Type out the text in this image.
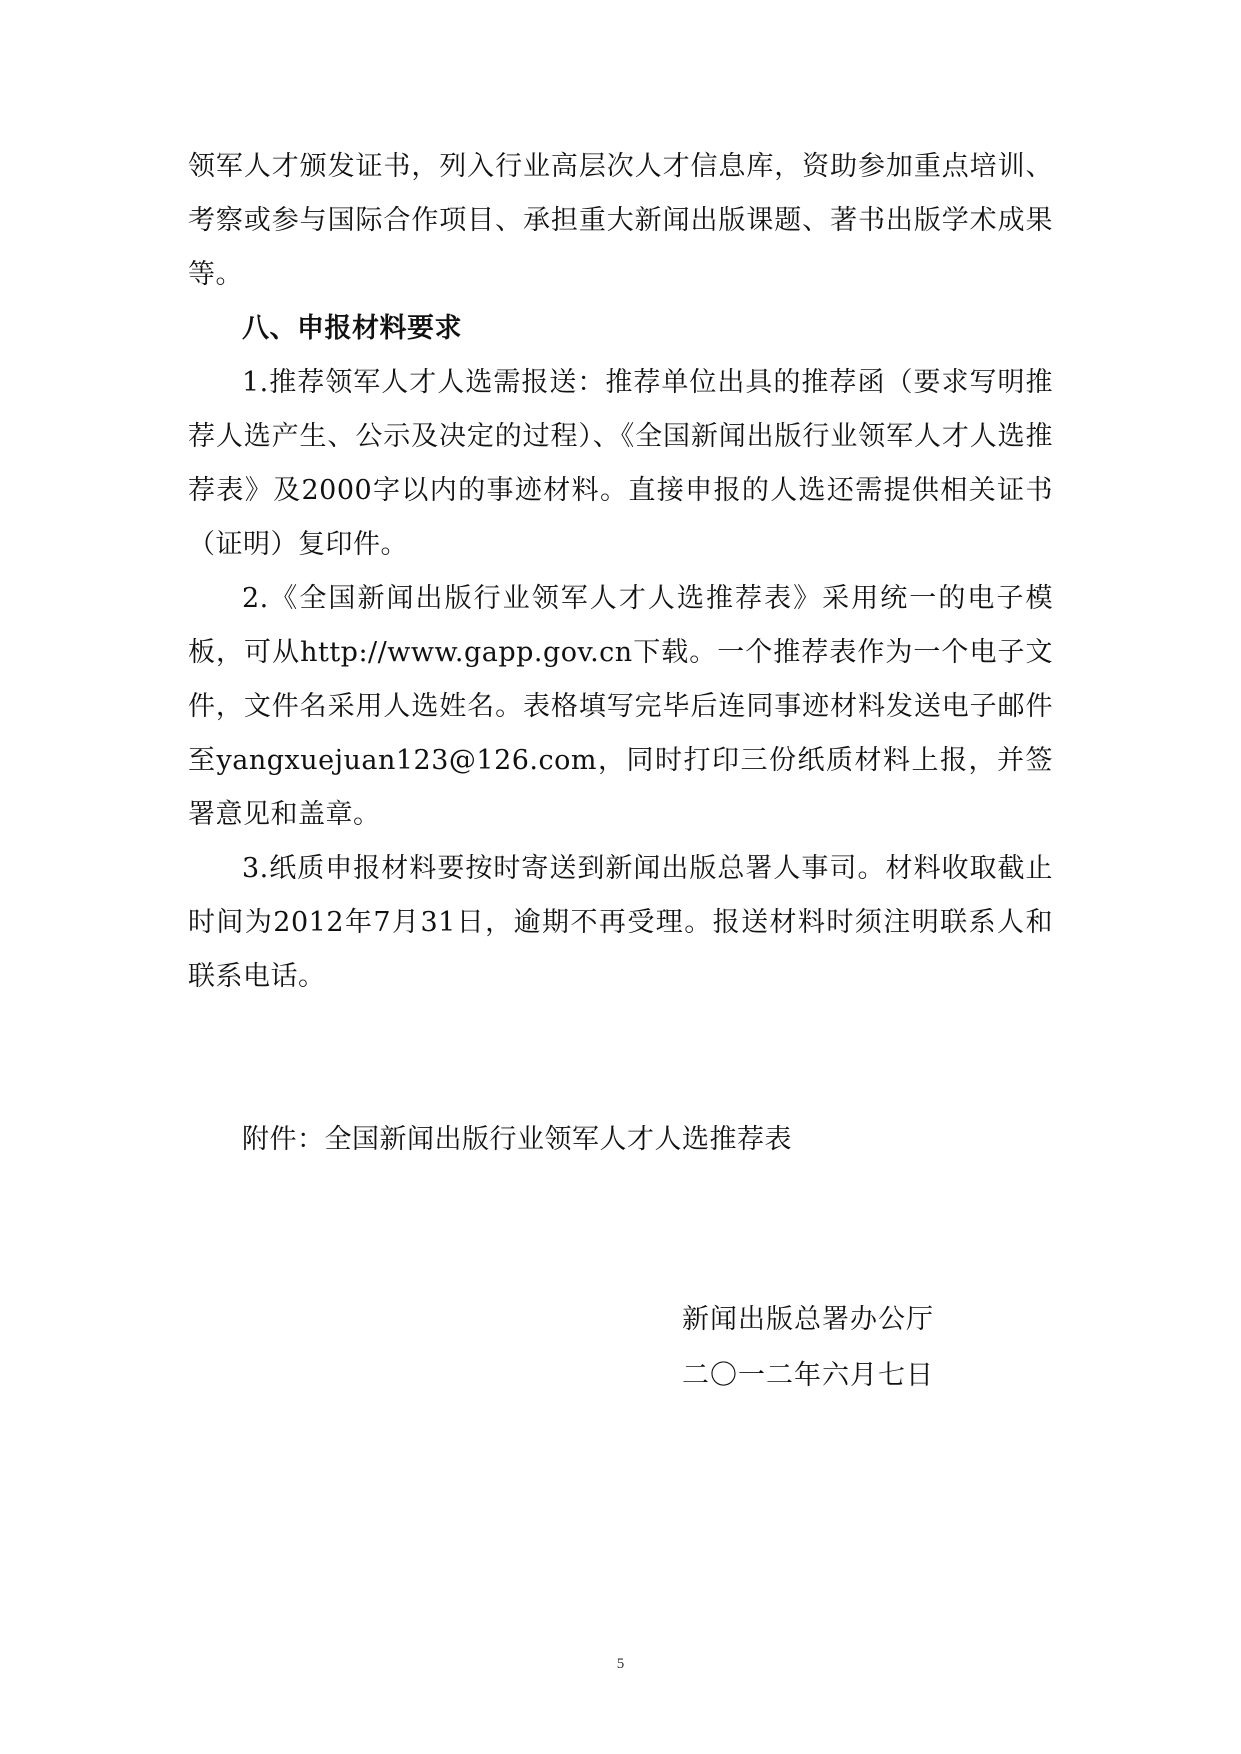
领军人才颁发证书，列入行业高层次人才信息库，资助参加重点培训、考察或参与国际合作项目、承担重大新闻出版课题、著书出版学术成果等。

八、申报材料要求

1.推荐领军人才人选需报送：推荐单位出具的推荐函（要求写明推荐人选产生、公示及决定的过程）、《全国新闻出版行业领军人才人选推荐表》及2000字以内的事迹材料。直接申报的人选还需提供相关证书（证明）复印件。

2.《全国新闻出版行业领军人才人选推荐表》采用统一的电子模板，可从http://www.gapp.gov.cn下载。一个推荐表作为一个电子文件，文件名采用人选姓名。表格填写完毕后连同事迹材料发送电子邮件至yangxuejuan123@126.com，同时打印三份纸质材料上报，并签署意见和盖章。

3.纸质申报材料要按时寄送到新闻出版总署人事司。材料收取截止时间为2012年7月31日，逾期不再受理。报送材料时须注明联系人和联系电话。

附件：全国新闻出版行业领军人才人选推荐表

新闻出版总署办公厅
二〇一二年六月七日
5
